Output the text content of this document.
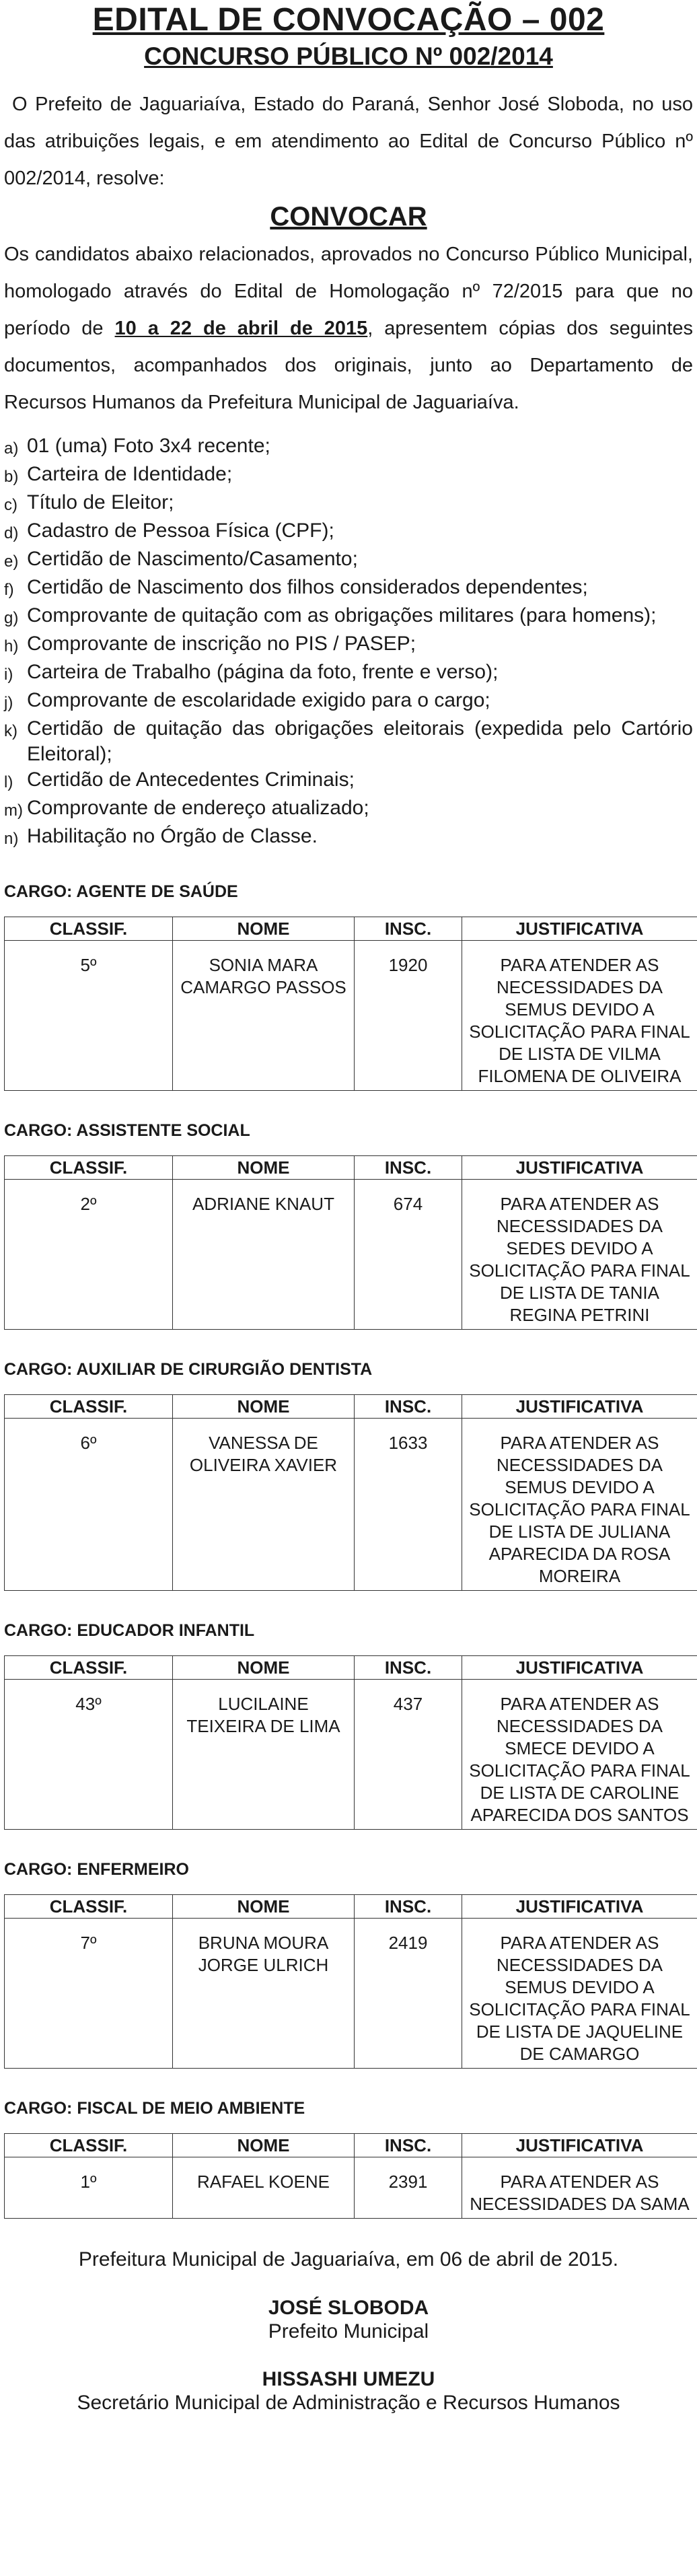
EDITAL DE CONVOCAÇÃO – 002
CONCURSO PÚBLICO Nº 002/2014

O Prefeito de Jaguariaíva, Estado do Paraná, Senhor José Sloboda, no uso das atribuições legais, e em atendimento ao Edital de Concurso Público nº 002/2014, resolve:

CONVOCAR

Os candidatos abaixo relacionados, aprovados no Concurso Público Municipal, homologado através do Edital de Homologação nº 72/2015 para que no período de 10 a 22 de abril de 2015, apresentem cópias dos seguintes documentos, acompanhados dos originais, junto ao Departamento de Recursos Humanos da Prefeitura Municipal de Jaguariaíva.

a) 01 (uma) Foto 3x4 recente;
b) Carteira de Identidade;
c) Título de Eleitor;
d) Cadastro de Pessoa Física (CPF);
e) Certidão de Nascimento/Casamento;
f) Certidão de Nascimento dos filhos considerados dependentes;
g) Comprovante de quitação com as obrigações militares (para homens);
h) Comprovante de inscrição no PIS / PASEP;
i) Carteira de Trabalho (página da foto, frente e verso);
j) Comprovante de escolaridade exigido para o cargo;
k) Certidão de quitação das obrigações eleitorais (expedida pelo Cartório Eleitoral);
l) Certidão de Antecedentes Criminais;
m) Comprovante de endereço atualizado;
n) Habilitação no Órgão de Classe.
CARGO: AGENTE DE SAÚDE
CLASSIF.	NOME	INSC.	JUSTIFICATIVA
5º	SONIA MARA CAMARGO PASSOS	1920	PARA ATENDER AS NECESSIDADES DA SEMUS DEVIDO A SOLICITAÇÃO PARA FINAL DE LISTA DE VILMA FILOMENA DE OLIVEIRA
CARGO: ASSISTENTE SOCIAL
CLASSIF.	NOME	INSC.	JUSTIFICATIVA
2º	ADRIANE KNAUT	674	PARA ATENDER AS NECESSIDADES DA SEDES DEVIDO A SOLICITAÇÃO PARA FINAL DE LISTA DE TANIA REGINA PETRINI
CARGO: AUXILIAR DE CIRURGIÃO DENTISTA
CLASSIF.	NOME	INSC.	JUSTIFICATIVA
6º	VANESSA DE OLIVEIRA XAVIER	1633	PARA ATENDER AS NECESSIDADES DA SEMUS DEVIDO A SOLICITAÇÃO PARA FINAL DE LISTA DE JULIANA APARECIDA DA ROSA MOREIRA
CARGO: EDUCADOR INFANTIL
CLASSIF.	NOME	INSC.	JUSTIFICATIVA
43º	LUCILAINE TEIXEIRA DE LIMA	437	PARA ATENDER AS NECESSIDADES DA SMECE DEVIDO A SOLICITAÇÃO PARA FINAL DE LISTA DE CAROLINE APARECIDA DOS SANTOS
CARGO: ENFERMEIRO
CLASSIF.	NOME	INSC.	JUSTIFICATIVA
7º	BRUNA MOURA JORGE ULRICH	2419	PARA ATENDER AS NECESSIDADES DA SEMUS DEVIDO A SOLICITAÇÃO PARA FINAL DE LISTA DE JAQUELINE DE CAMARGO
CARGO: FISCAL DE MEIO AMBIENTE
CLASSIF.	NOME	INSC.	JUSTIFICATIVA
1º	RAFAEL KOENE	2391	PARA ATENDER AS NECESSIDADES DA SAMA
Prefeitura Municipal de Jaguariaíva, em 06 de abril de 2015.
JOSÉ SLOBODA
Prefeito Municipal
HISSASHI UMEZU
Secretário Municipal de Administração e Recursos Humanos
